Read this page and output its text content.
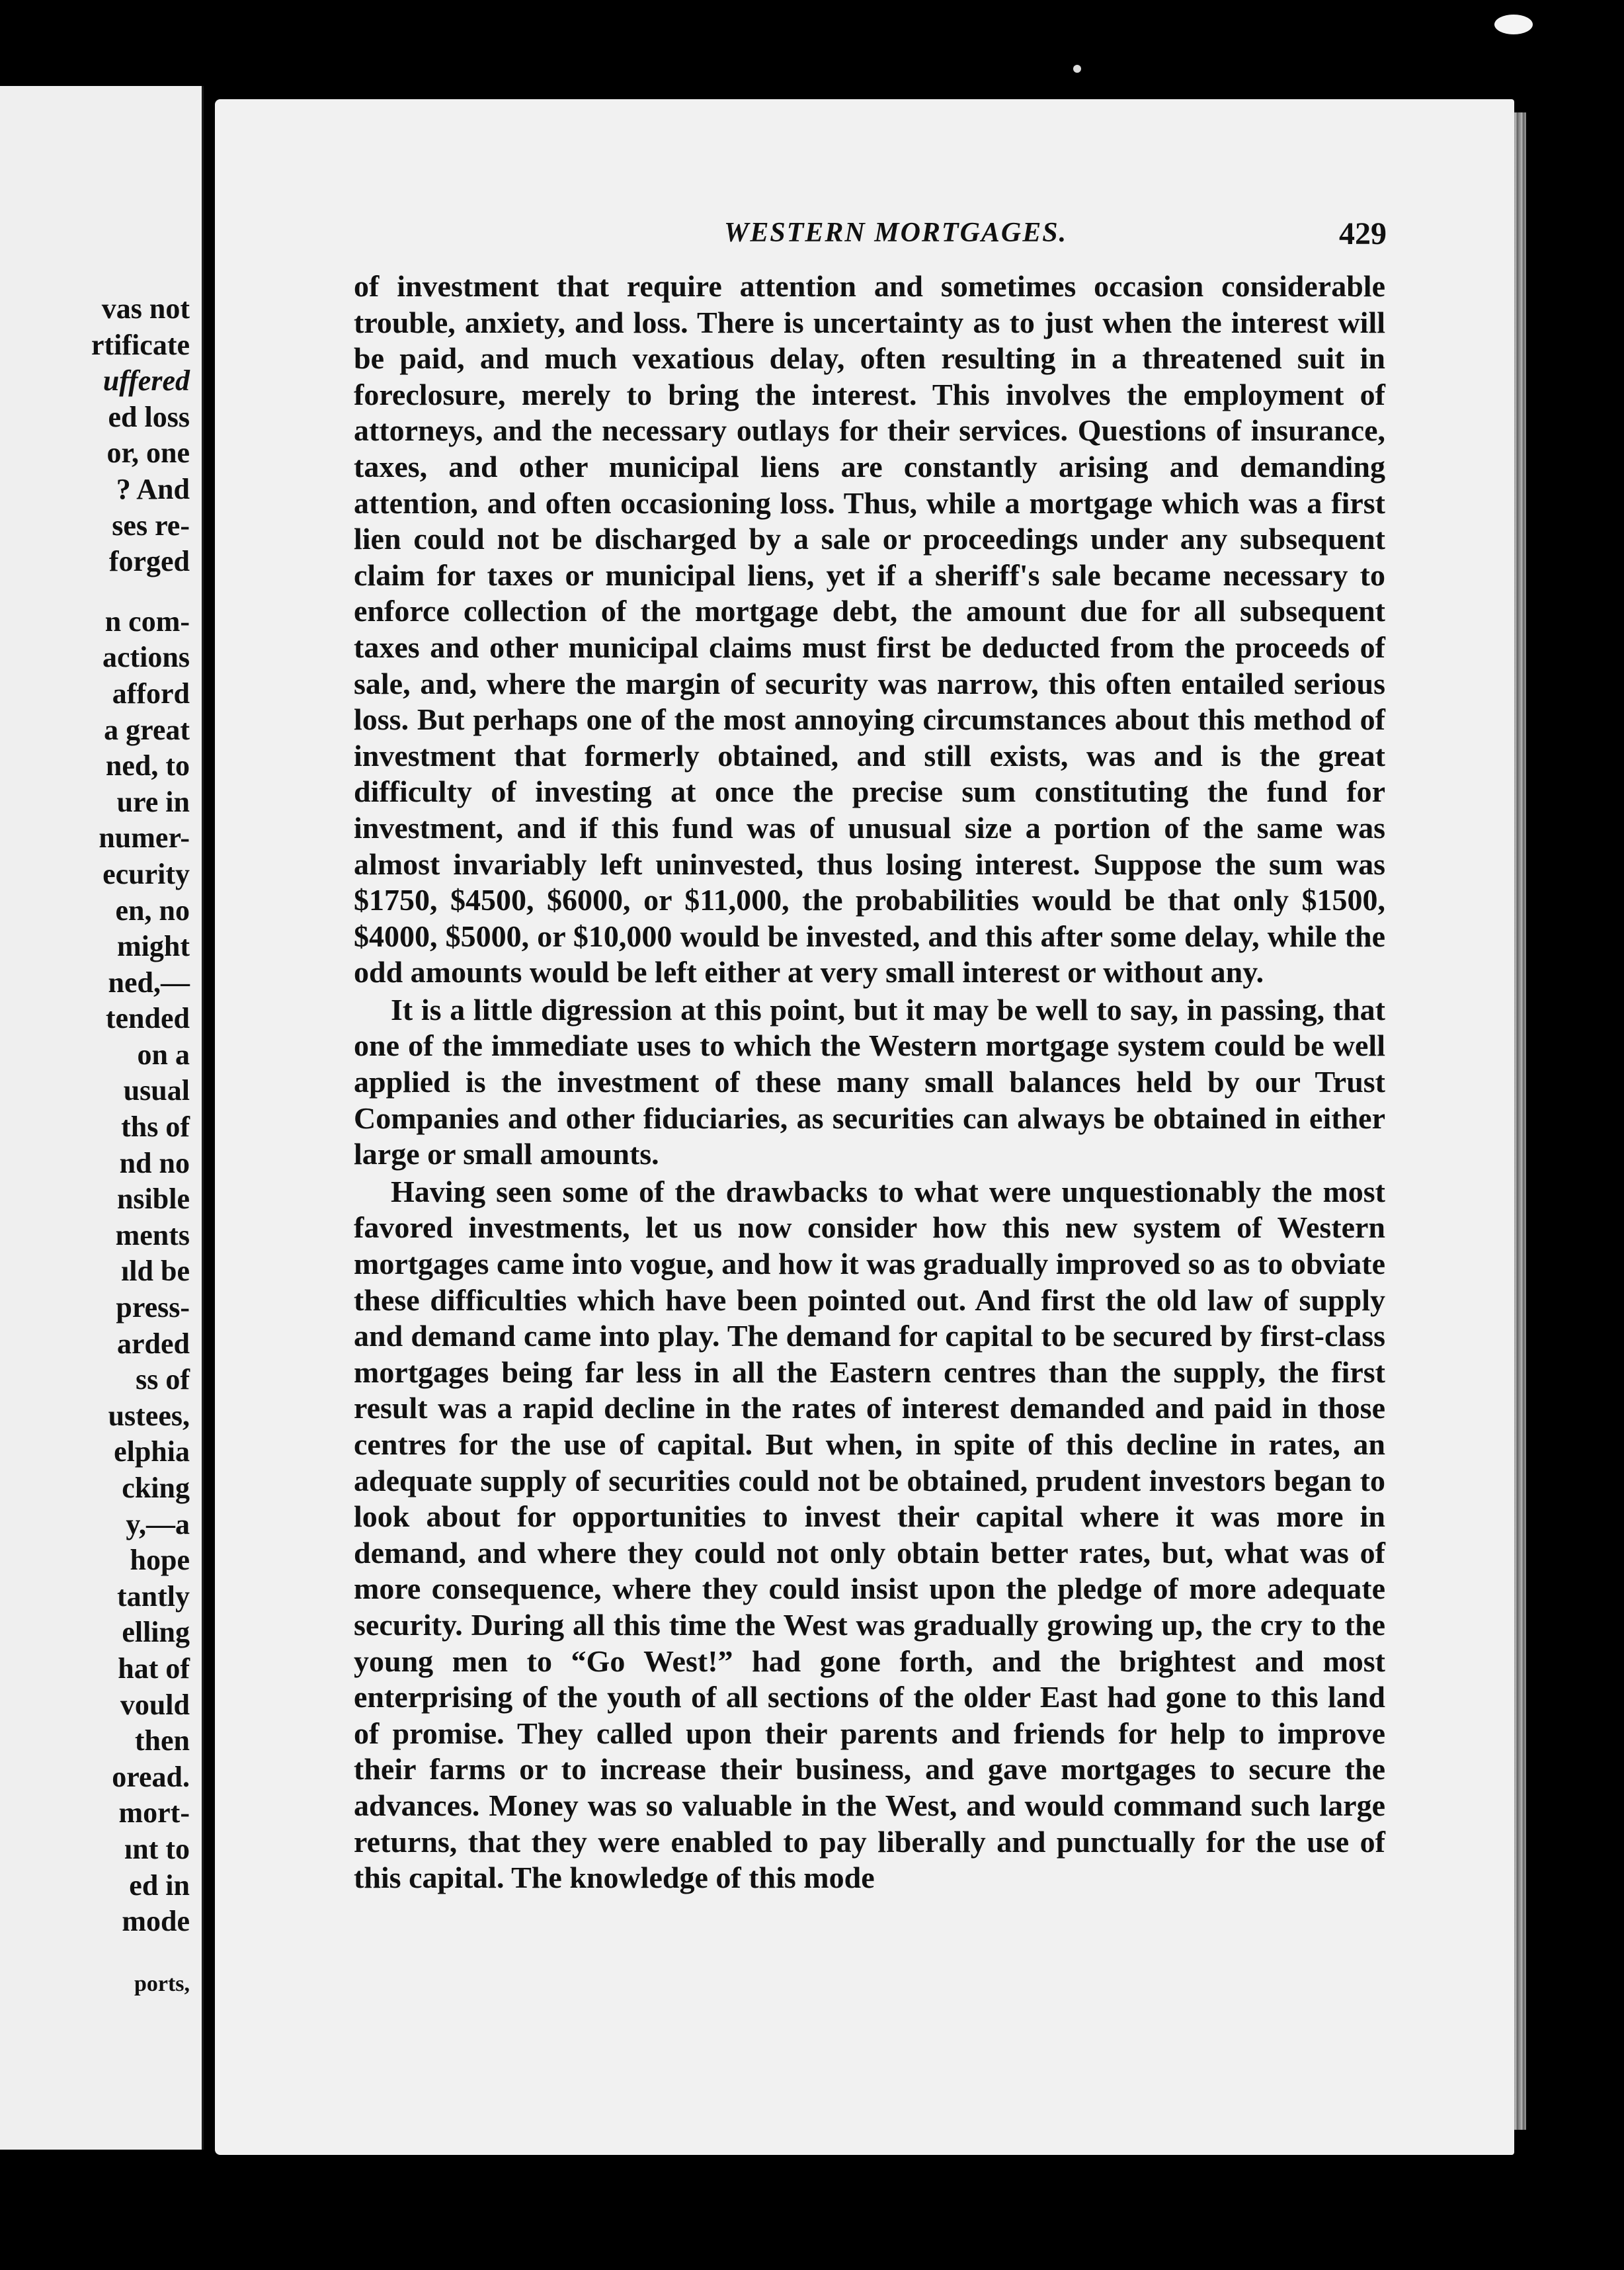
vas not
rtificate
uffered
ed loss
or, one
? And
ses re-
forged
n com-
actions
afford
a great
ned, to
ure in
numer-
ecurity
en, no
might
ned,—
tended
on a
usual
ths of
nd no
nsible
ments
ıld be
press-
arded
ss of
ustees,
elphia
cking
y,—a
hope
tantly
elling
hat of
vould
then
oread.
mort-
ınt to
ed in
mode
ports,
WESTERN MORTGAGES.	429

of investment that require attention and sometimes occasion considerable trouble, anxiety, and loss. There is uncertainty as to just when the interest will be paid, and much vexatious delay, often resulting in a threatened suit in foreclosure, merely to bring the interest. This involves the employment of attorneys, and the necessary outlays for their services. Questions of insurance, taxes, and other municipal liens are constantly arising and demanding attention, and often occasioning loss. Thus, while a mortgage which was a first lien could not be discharged by a sale or proceedings under any subsequent claim for taxes or municipal liens, yet if a sheriff's sale became necessary to enforce collection of the mortgage debt, the amount due for all subsequent taxes and other municipal claims must first be deducted from the proceeds of sale, and, where the margin of security was narrow, this often entailed serious loss. But perhaps one of the most annoying circumstances about this method of investment that formerly obtained, and still exists, was and is the great difficulty of investing at once the precise sum constituting the fund for investment, and if this fund was of unusual size a portion of the same was almost invariably left uninvested, thus losing interest. Suppose the sum was $1750, $4500, $6000, or $11,000, the probabilities would be that only $1500, $4000, $5000, or $10,000 would be invested, and this after some delay, while the odd amounts would be left either at very small interest or without any.

It is a little digression at this point, but it may be well to say, in passing, that one of the immediate uses to which the Western mortgage system could be well applied is the investment of these many small balances held by our Trust Companies and other fiduciaries, as securities can always be obtained in either large or small amounts.

Having seen some of the drawbacks to what were unquestionably the most favored investments, let us now consider how this new system of Western mortgages came into vogue, and how it was gradually improved so as to obviate these difficulties which have been pointed out. And first the old law of supply and demand came into play. The demand for capital to be secured by first-class mortgages being far less in all the Eastern centres than the supply, the first result was a rapid decline in the rates of interest demanded and paid in those centres for the use of capital. But when, in spite of this decline in rates, an adequate supply of securities could not be obtained, prudent investors began to look about for opportunities to invest their capital where it was more in demand, and where they could not only obtain better rates, but, what was of more consequence, where they could insist upon the pledge of more adequate security. During all this time the West was gradually growing up, the cry to the young men to “Go West!” had gone forth, and the brightest and most enterprising of the youth of all sections of the older East had gone to this land of promise. They called upon their parents and friends for help to improve their farms or to increase their business, and gave mortgages to secure the advances. Money was so valuable in the West, and would command such large returns, that they were enabled to pay liberally and punctually for the use of this capital. The knowledge of this mode
